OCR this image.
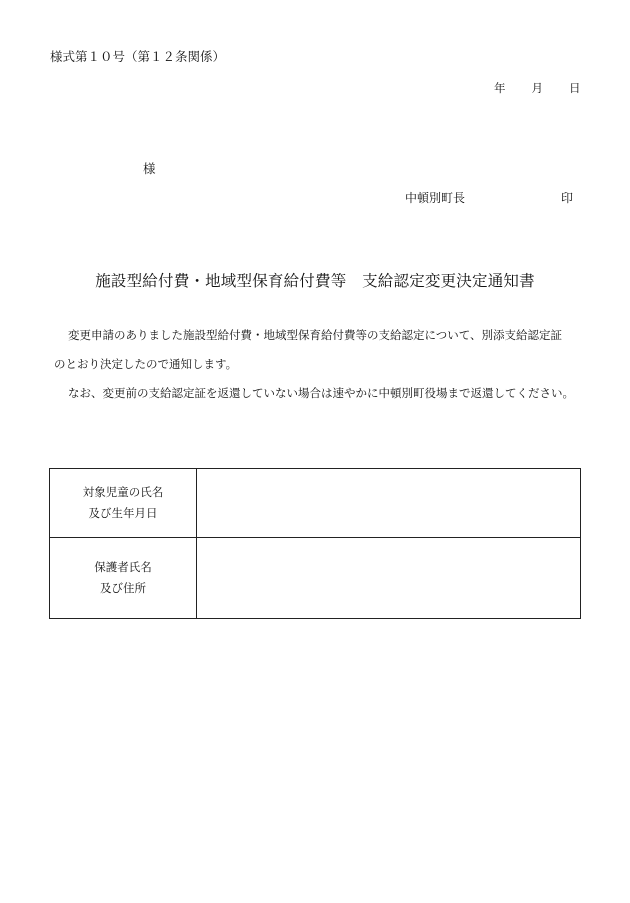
様式第１０号（第１２条関係）
年 月 日
様
中頓別町長	印
施設型給付費・地域型保育給付費等　支給認定変更決定通知書
変更申請のありました施設型給付費・地域型保育給付費等の支給認定について、別添支給認定証
のとおり決定したので通知します。
なお、変更前の支給認定証を返還していない場合は速やかに中頓別町役場まで返還してください。
対象児童の氏名
及び生年月日	

保護者氏名
及び住所	
